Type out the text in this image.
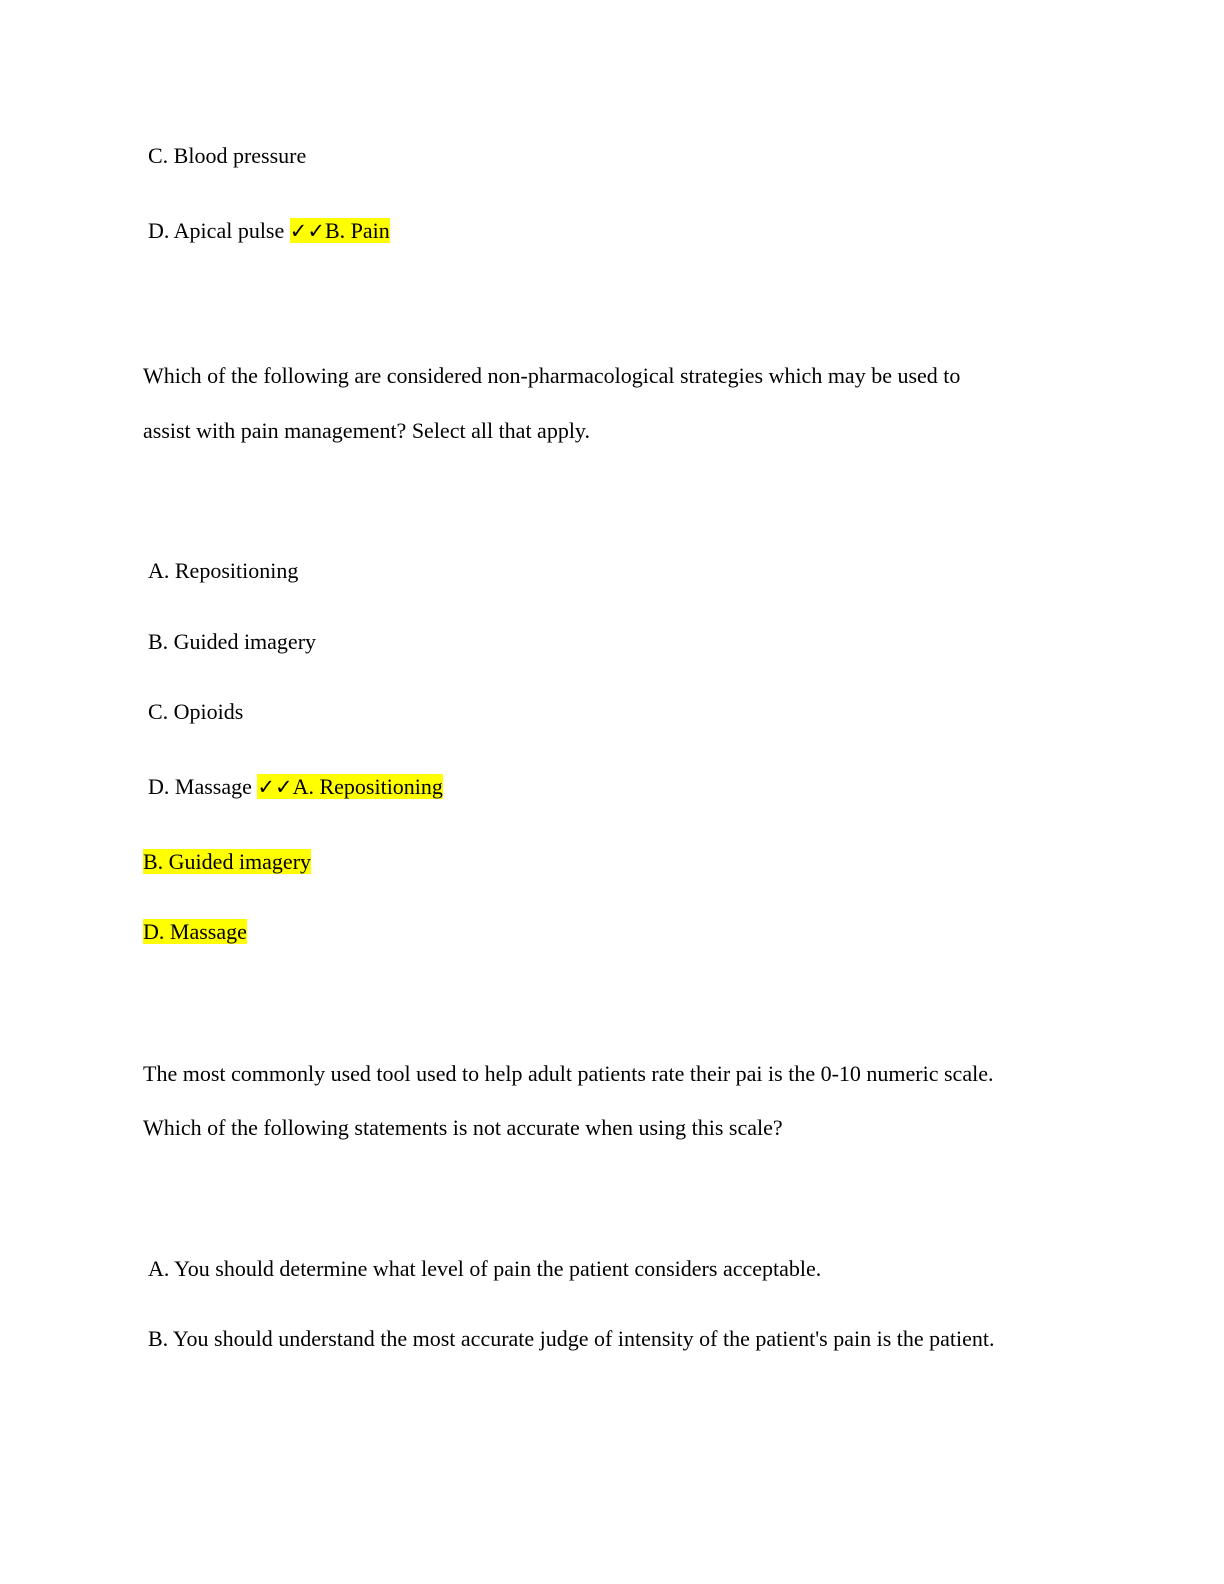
C. Blood pressure
D. Apical pulse ✓✓B. Pain
Which of the following are considered non-pharmacological strategies which may be used to
assist with pain management? Select all that apply.
A. Repositioning
B. Guided imagery
C. Opioids
D. Massage ✓✓A. Repositioning
B. Guided imagery
D. Massage
The most commonly used tool used to help adult patients rate their pai is the 0-10 numeric scale.
Which of the following statements is not accurate when using this scale?
A. You should determine what level of pain the patient considers acceptable.
B. You should understand the most accurate judge of intensity of the patient's pain is the patient.
